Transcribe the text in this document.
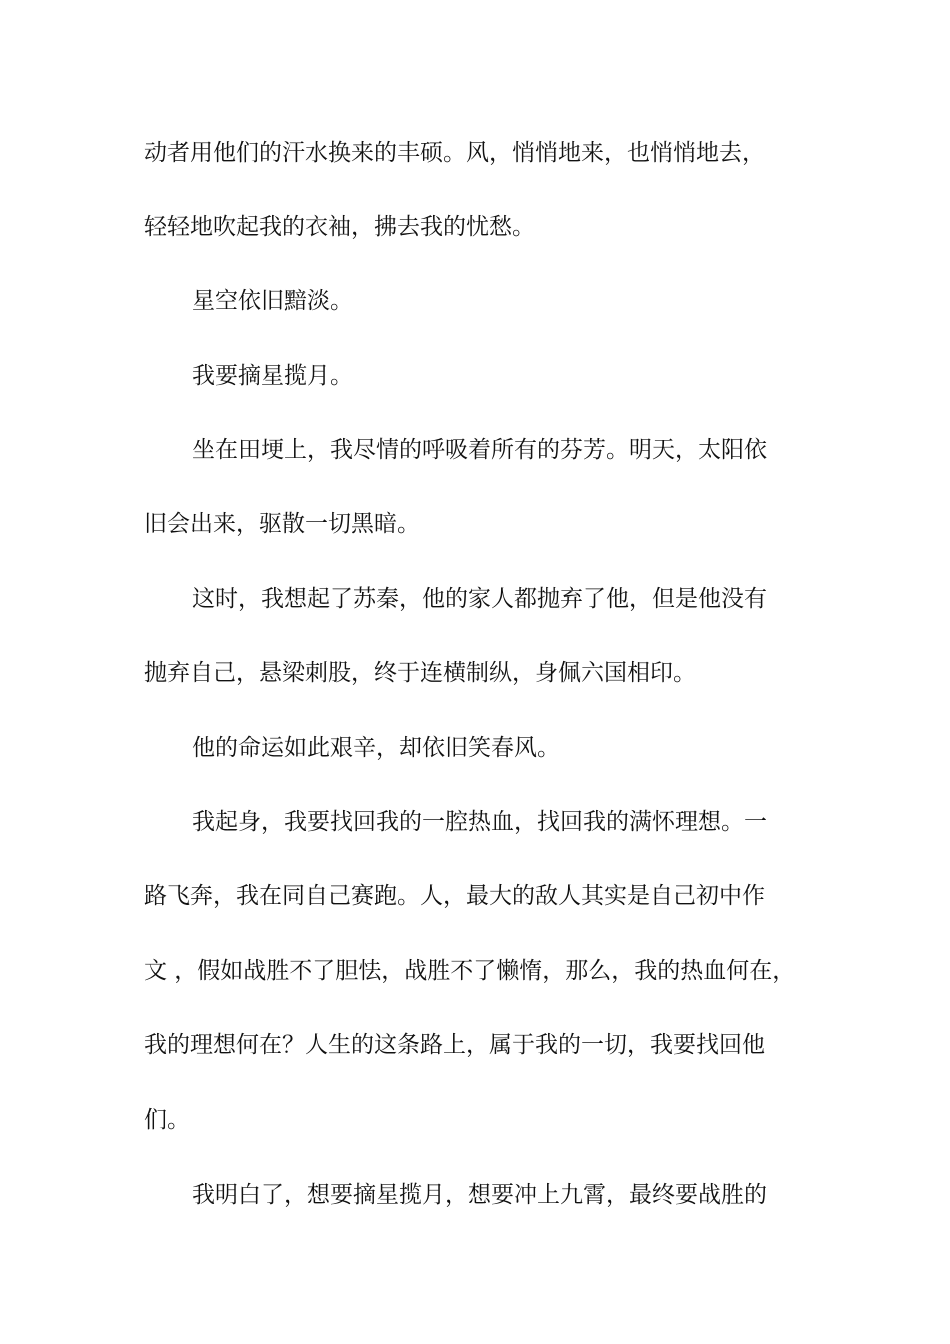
动者用他们的汗水换来的丰硕。风，悄悄地来，也悄悄地去，
轻轻地吹起我的衣袖，拂去我的忧愁。
星空依旧黯淡。
我要摘星揽月。
坐在田埂上，我尽情的呼吸着所有的芬芳。明天，太阳依
旧会出来，驱散一切黑暗。
这时，我想起了苏秦，他的家人都抛弃了他，但是他没有
抛弃自己，悬梁刺股，终于连横制纵，身佩六国相印。
他的命运如此艰辛，却依旧笑春风。
我起身，我要找回我的一腔热血，找回我的满怀理想。一
路飞奔，我在同自己赛跑。人，最大的敌人其实是自己初中作
文 ，假如战胜不了胆怯，战胜不了懒惰，那么，我的热血何在，
我的理想何在？人生的这条路上，属于我的一切，我要找回他
们。
我明白了，想要摘星揽月，想要冲上九霄，最终要战胜的
